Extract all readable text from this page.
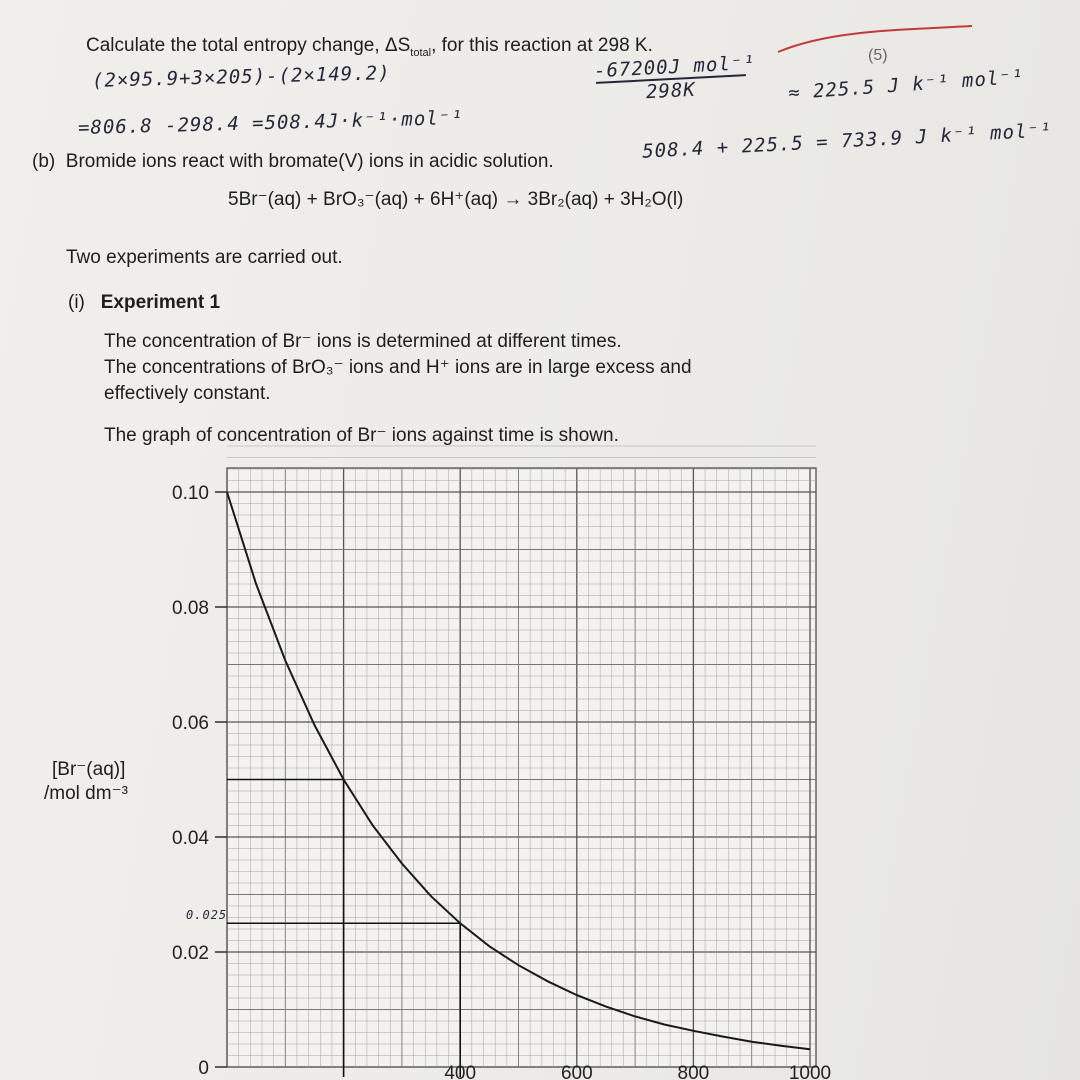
Calculate the total entropy change, $\Delta S_{total}$, for this reaction at 298 K.	(5)
(2×95.9+3×205)-(2×149.2)
=806.8 -298.4 =508.4J·k⁻¹·mol⁻¹
-67200J mol⁻¹
298K	≈ 225.5 J k⁻¹ mol⁻¹
508.4 + 225.5 = 733.9 J k⁻¹ mol⁻¹
(b) Bromide ions react with bromate(V) ions in acidic solution.
5Br⁻(aq) + BrO₃⁻(aq) + 6H⁺(aq) → 3Br₂(aq) + 3H₂O(l)
Two experiments are carried out.
(i) Experiment 1
The concentration of Br⁻ ions is determined at different times.
The concentrations of BrO₃⁻ ions and H⁺ ions are in large excess and
effectively constant.
The graph of concentration of Br⁻ ions against time is shown.
[Br⁻(aq)]
/mol dm⁻³
0.025
0
0.02
0.04
0.06
0.08
0.10
400	600	800	1000
